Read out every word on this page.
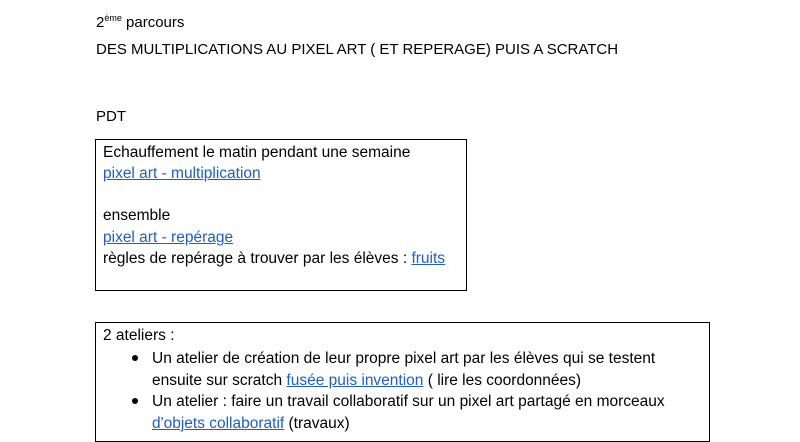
2ème parcours
DES MULTIPLICATIONS AU PIXEL ART ( ET REPERAGE) PUIS A SCRATCH
PDT
Echauffement le matin pendant une semaine
pixel art - multiplication
ensemble
pixel art - repérage
règles de repérage à trouver par les élèves : fruits
2 ateliers :
Un atelier de création de leur propre pixel art par les élèves qui se testent
ensuite sur scratch fusée puis invention ( lire les coordonnées)
Un atelier : faire un travail collaboratif sur un pixel art partagé en morceaux
d'objets collaboratif (travaux)
